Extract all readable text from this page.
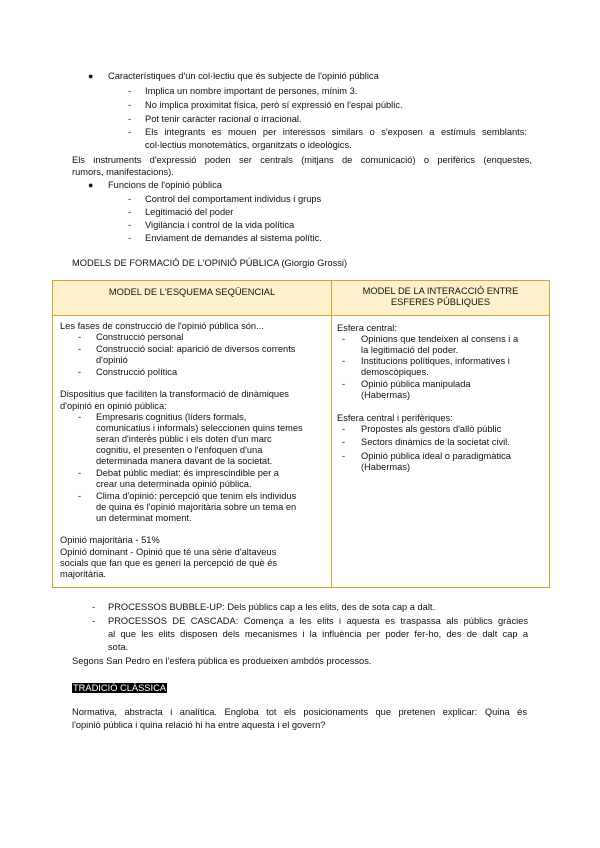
● Característiques d'un col·lectiu que és subjecte de l'opinió pública
- Implica un nombre important de persones, mínim 3.
- No implica proximitat física, però sí expressió en l'espai públic.
- Pot tenir caràcter racional o irracional.
- Els integrants es mouen per interessos similars o s'exposen a estímuls semblants:
col·lectius monotemàtics, organitzats o ideològics.
Els instruments d'expressió poden ser centrals (mitjans de comunicació) o perifèrics (enquestes,
rumors, manifestacions).
● Funcions de l'opinió pública
- Control del comportament individus i grups
- Legitimació del poder
- Vigilància i control de la vida política
- Enviament de demandes al sistema polític.
MODELS DE FORMACIÓ DE L'OPINIÓ PÚBLICA (Giorgio Grossi)
MODEL DE L'ESQUEMA SEQÜENCIAL	MODEL DE LA INTERACCIÓ ENTRE
ESFERES PÚBLIQUES
Les fases de construcció de l'opinió pública són...
- Construcció personal
- Construcció social: aparició de diversos corrents
d'opinió
- Construcció política
Dispositius que faciliten la transformació de dinàmiques
d'opinió en opinió pública:
- Empresaris cognitius (líders formals,
comunicatius i informals) seleccionen quins temes
seran d'interès públic i els doten d'un marc
cognitiu, el presenten o l'enfoquen d'una
determinada manera davant de la societat.
- Debat públic mediat: és imprescindible per a
crear una determinada opinió pública.
- Clima d'opinió: percepció que tenim els individus
de quina és l'opinió majoritària sobre un tema en
un determinat moment.
Opinió majoritària - 51%
Opinió dominant - Opinió que té una sèrie d'altaveus
socials que fan que es generi la percepció de què és
majoritària.
Esfera central:
- Opinions que tendeixen al consens i a
la legitimació del poder.
- Institucions polítiques, informatives i
demoscòpiques.
- Opinió pública manipulada
(Habermas)
Esfera central i perifèriques:
- Propostes als gestors d'allò públic
- Sectors dinàmics de la societat civil.
- Opinió pública ideal o paradigmàtica
(Habermas)
- PROCESSOS BUBBLE-UP: Dels públics cap a les elits, des de sota cap a dalt.
- PROCESSOS DE CASCADA: Comença a les elits i aquesta es traspassa als públics gràcies
al que les elits disposen dels mecanismes i la influència per poder fer-ho, des de dalt cap a
sota.
Segons San Pedro en l'esfera pública es produeixen ambdós processos.
TRADICIÓ CLÀSSICA
Normativa, abstracta i analítica. Engloba tot els posicionaments que pretenen explicar: Quina és
l'opinió pública i quina relació hi ha entre aquesta i el govern?
